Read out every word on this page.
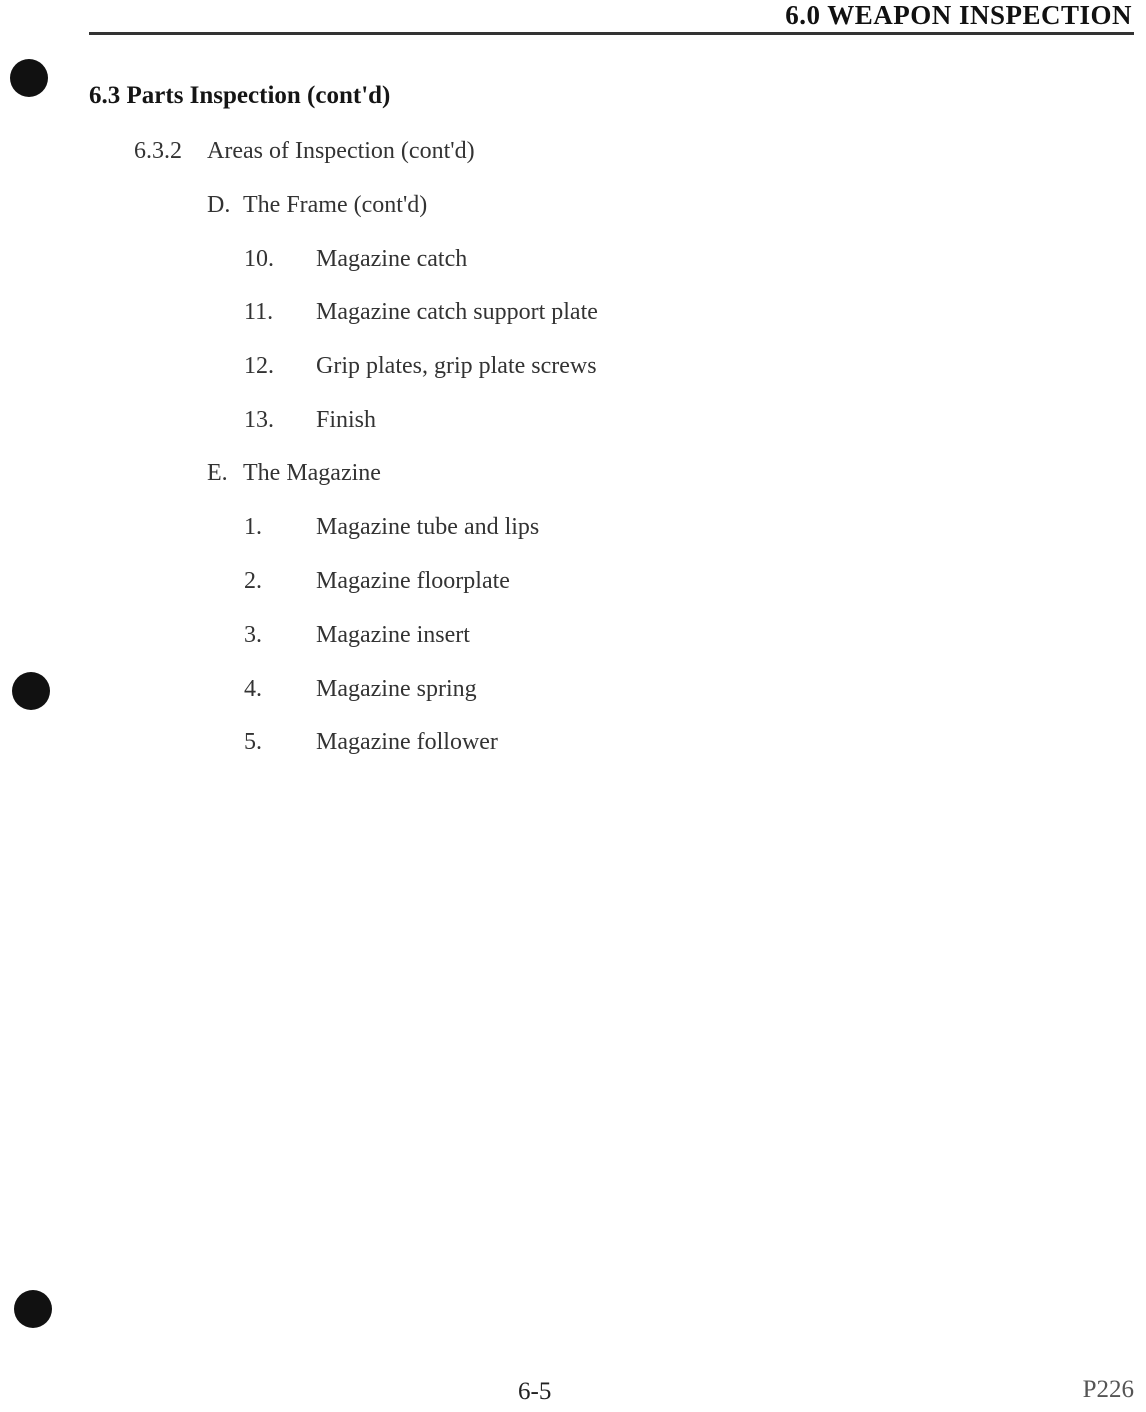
6.0 WEAPON INSPECTION
6.3 Parts Inspection (cont'd)
6.3.2 Areas of Inspection (cont'd)
D. The Frame (cont'd)
10. Magazine catch
11. Magazine catch support plate
12. Grip plates, grip plate screws
13. Finish
E. The Magazine
1. Magazine tube and lips
2. Magazine floorplate
3. Magazine insert
4. Magazine spring
5. Magazine follower
6-5	P226
